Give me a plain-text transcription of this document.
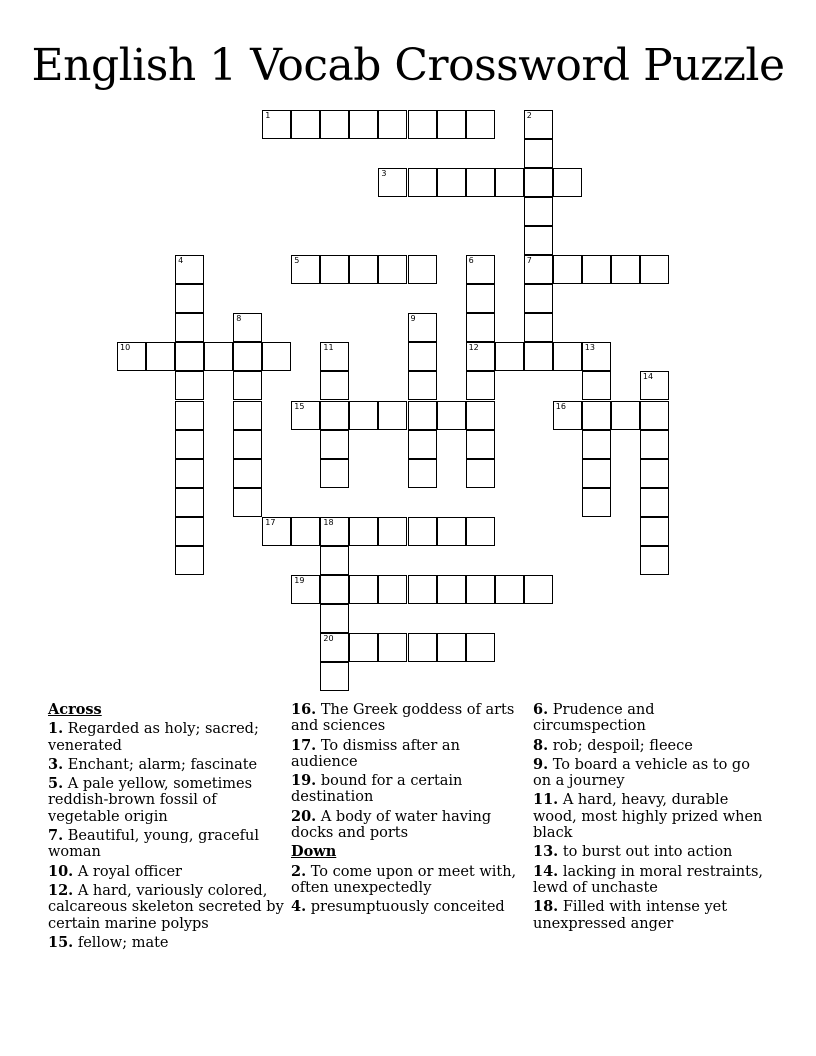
English 1 Vocab Crossword Puzzle
1
3
5	7
10	12	13
15	16
17	18
19
20
2
4	6
8	9
11
14
Across
1. Regarded as holy; sacred; venerated
3. Enchant; alarm; fascinate
5. A pale yellow, sometimes reddish-brown fossil of vegetable origin
7. Beautiful, young, graceful woman
10. A royal officer
12. A hard, variously colored, calcareous skeleton secreted by certain marine polyps
15. fellow; mate
16. The Greek goddess of arts and sciences
17. To dismiss after an audience
19. bound for a certain destination
20. A body of water having docks and ports
Down
2. To come upon or meet with, often unexpectedly
4. presumptuously conceited
6. Prudence and circumspection
8. rob; despoil; fleece
9. To board a vehicle as to go on a journey
11. A hard, heavy, durable wood, most highly prized when black
13. to burst out into action
14. lacking in moral restraints, lewd of unchaste
18. Filled with intense yet unexpressed anger
